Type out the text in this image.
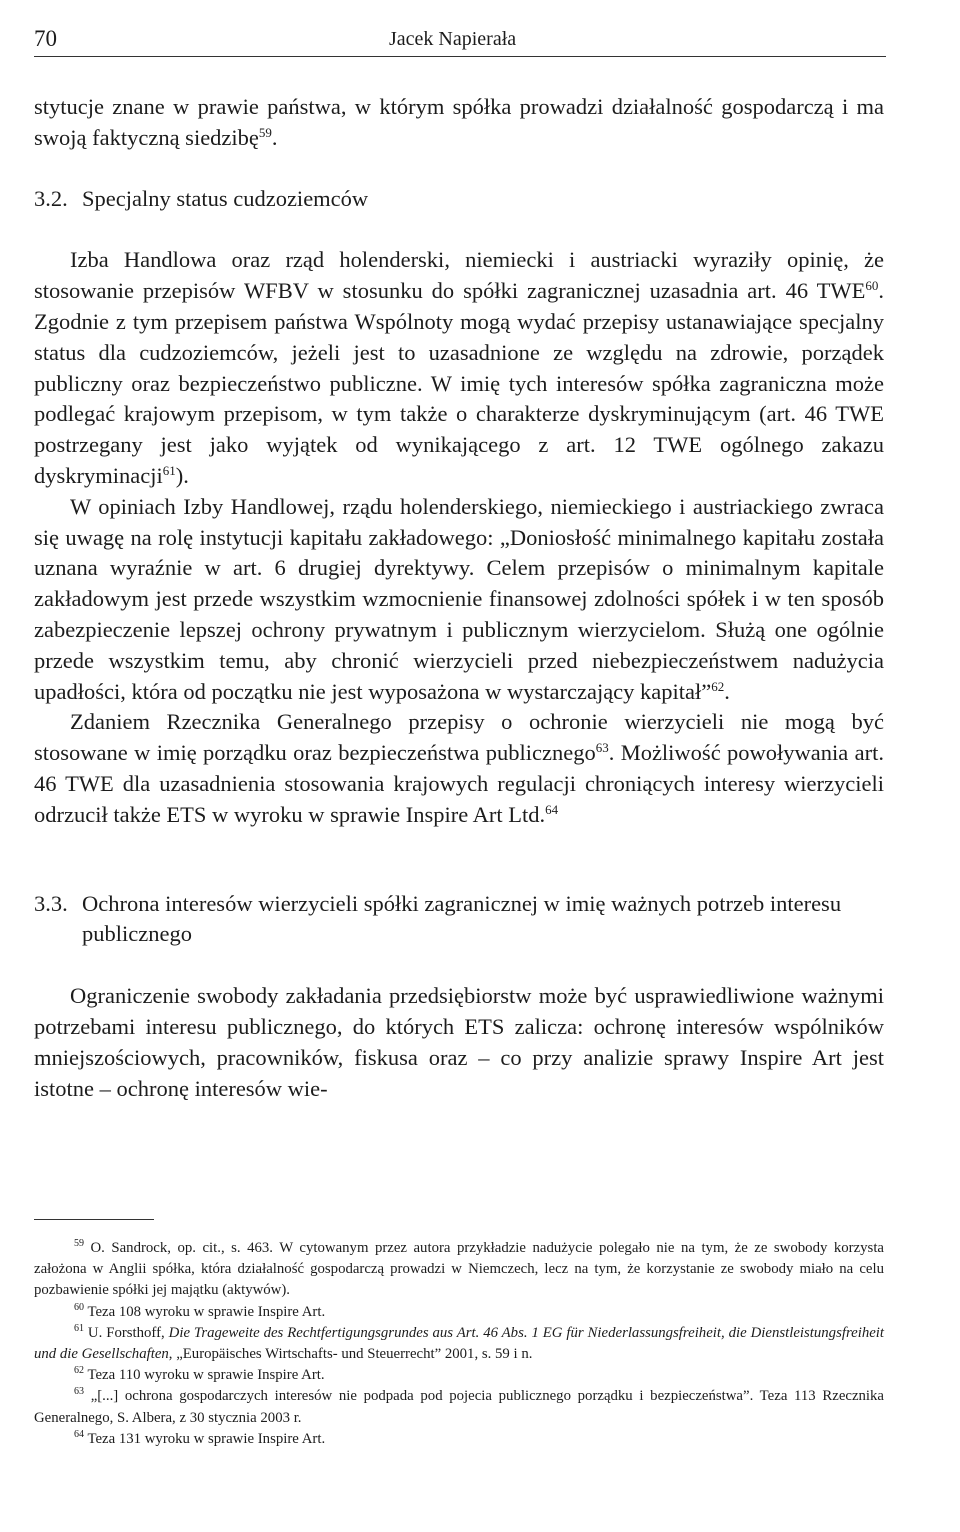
70	Jacek Napierała

stytucje znane w prawie państwa, w którym spółka prowadzi działalność gospodarczą i ma swoją faktyczną siedzibę$^{59}$.

3.2. Specjalny status cudzoziemców

Izba Handlowa oraz rząd holenderski, niemiecki i austriacki wyraziły opinię, że stosowanie przepisów WFBV w stosunku do spółki zagranicznej uzasadnia art. 46 TWE$^{60}$. Zgodnie z tym przepisem państwa Wspólnoty mogą wydać przepisy ustanawiające specjalny status dla cudzoziemców, jeżeli jest to uzasadnione ze względu na zdrowie, porządek publiczny oraz bezpieczeństwo publiczne. W imię tych interesów spółka zagraniczna może podlegać krajowym przepisom, w tym także o charakterze dyskryminującym (art. 46 TWE postrzegany jest jako wyjątek od wynikającego z art. 12 TWE ogólnego zakazu dyskryminacji$^{61}$).

W opiniach Izby Handlowej, rządu holenderskiego, niemieckiego i austriackiego zwraca się uwagę na rolę instytucji kapitału zakładowego: „Doniosłość minimalnego kapitału została uznana wyraźnie w art. 6 drugiej dyrektywy. Celem przepisów o minimalnym kapitale zakładowym jest przede wszystkim wzmocnienie finansowej zdolności spółek i w ten sposób zabezpieczenie lepszej ochrony prywatnym i publicznym wierzycielom. Służą one ogólnie przede wszystkim temu, aby chronić wierzycieli przed niebezpieczeństwem nadużycia upadłości, która od początku nie jest wyposażona w wystarczający kapitał”$^{62}$.

Zdaniem Rzecznika Generalnego przepisy o ochronie wierzycieli nie mogą być stosowane w imię porządku oraz bezpieczeństwa publicznego$^{63}$. Możliwość powoływania art. 46 TWE dla uzasadnienia stosowania krajowych regulacji chroniących interesy wierzycieli odrzucił także ETS w wyroku w sprawie Inspire Art Ltd.$^{64}$

3.3. Ochrona interesów wierzycieli spółki zagranicznej w imię ważnych potrzeb interesu publicznego

Ograniczenie swobody zakładania przedsiębiorstw może być usprawiedliwione ważnymi potrzebami interesu publicznego, do których ETS zalicza: ochronę interesów wspólników mniejszościowych, pracowników, fiskusa oraz – co przy analizie sprawy Inspire Art jest istotne – ochronę interesów wie-

$^{59}$ O. Sandrock, op. cit., s. 463. W cytowanym przez autora przykładzie nadużycie polegało nie na tym, że ze swobody korzysta założona w Anglii spółka, która działalność gospodarczą prowadzi w Niemczech, lecz na tym, że korzystanie ze swobody miało na celu pozbawienie spółki jej majątku (aktywów).

$^{60}$ Teza 108 wyroku w sprawie Inspire Art.

$^{61}$ U. Forsthoff, Die Trageweite des Rechtfertigungsgrundes aus Art. 46 Abs. 1 EG für Niederlassungsfreiheit, die Dienstleistungsfreiheit und die Gesellschaften, „Europäisches Wirtschafts- und Steuerrecht” 2001, s. 59 i n.

$^{62}$ Teza 110 wyroku w sprawie Inspire Art.

$^{63}$ „[...] ochrona gospodarczych interesów nie podpada pod pojecia publicznego porządku i bezpieczeństwa”. Teza 113 Rzecznika Generalnego, S. Albera, z 30 stycznia 2003 r.

$^{64}$ Teza 131 wyroku w sprawie Inspire Art.
